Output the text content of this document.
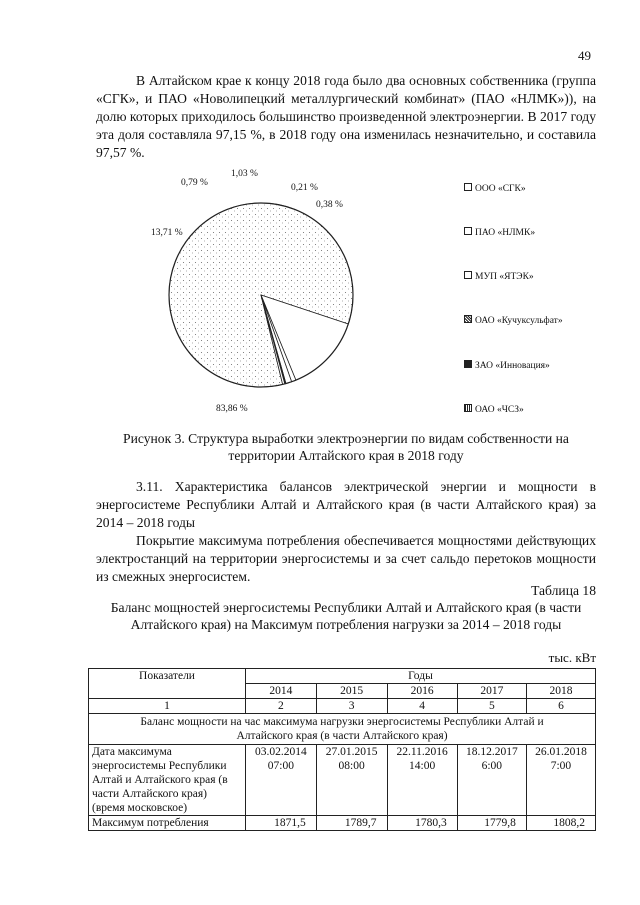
49
В Алтайском крае к концу 2018 года было два основных собственника (группа «СГК», и ПАО «Новолипецкий металлургический комбинат» (ПАО «НЛМК»)), на долю которых приходилось большинство произведенной электроэнергии. В 2017 году эта доля составляла 97,15 %, в 2018 году она изменилась незначительно, и составила 97,57 %.
83,86 %
13,71 %
0,79 %
1,03 %
0,21 %
0,38 %
ООО «СГК»
ПАО «НЛМК»
МУП «ЯТЭК»
ОАО «Кучуксульфат»
ЗАО «Инновация»
ОАО «ЧСЗ»
Рисунок 3. Структура выработки электроэнергии по видам собственности на территории Алтайского края в 2018 году
3.11. Характеристика балансов электрической энергии и мощности в энергосистеме Республики Алтай и Алтайского края (в части Алтайского края) за 2014 – 2018 годы
Покрытие максимума потребления обеспечивается мощностями действующих электростанций на территории энергосистемы и за счет сальдо перетоков мощности из смежных энергосистем.
Таблица 18
Баланс мощностей энергосистемы Республики Алтай и Алтайского края (в части Алтайского края) на Максимум потребления нагрузки за 2014 – 2018 годы
тыс. кВт
Показатели	Годы				
	2014	2015	2016	2017	2018
1	2	3	4	5	6
Баланс мощности на час максимума нагрузки энергосистемы Республики Алтай и Алтайского края (в части Алтайского края)					
Дата максимума энергосистемы Республики Алтай и Алтайского края (в части Алтайского края) (время московское)	03.02.2014 07:00	27.01.2015 08:00	22.11.2016 14:00	18.12.2017 6:00	26.01.2018 7:00
Максимум потребления	1871,5	1789,7	1780,3	1779,8	1808,2
